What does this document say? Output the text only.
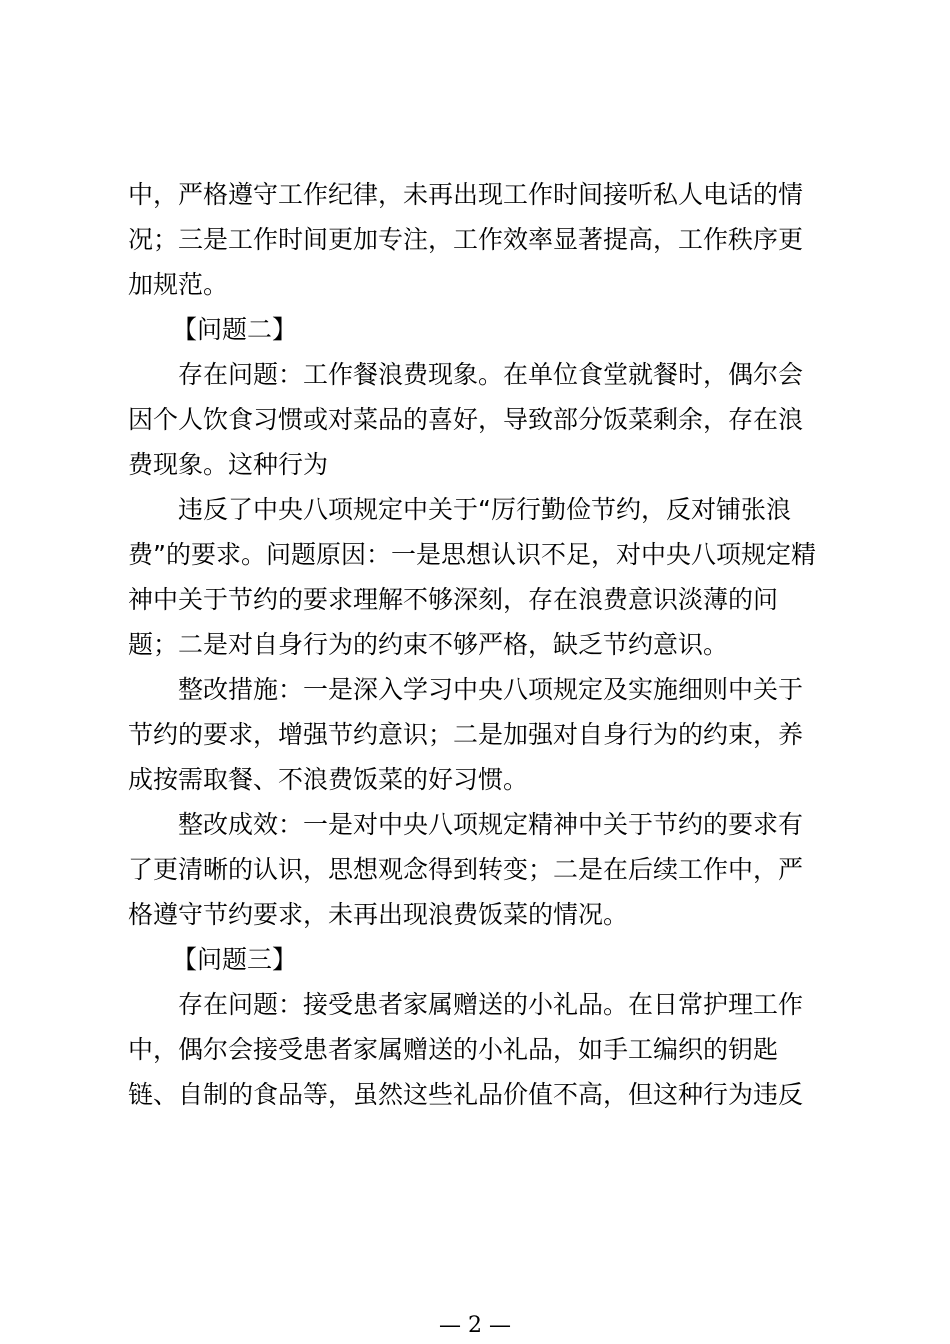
中，严格遵守工作纪律，未再出现工作时间接听私人电话的情
况；三是工作时间更加专注，工作效率显著提高，工作秩序更
加规范。
【问题二】
存在问题：工作餐浪费现象。在单位食堂就餐时，偶尔会
因个人饮食习惯或对菜品的喜好，导致部分饭菜剩余，存在浪
费现象。这种行为
违反了中央八项规定中关于“厉行勤俭节约，反对铺张浪
费”的要求。问题原因：一是思想认识不足，对中央八项规定精
神中关于节约的要求理解不够深刻，存在浪费意识淡薄的问
题；二是对自身行为的约束不够严格，缺乏节约意识。
整改措施：一是深入学习中央八项规定及实施细则中关于
节约的要求，增强节约意识；二是加强对自身行为的约束，养
成按需取餐、不浪费饭菜的好习惯。
整改成效：一是对中央八项规定精神中关于节约的要求有
了更清晰的认识，思想观念得到转变；二是在后续工作中，严
格遵守节约要求，未再出现浪费饭菜的情况。
【问题三】
存在问题：接受患者家属赠送的小礼品。在日常护理工作
中，偶尔会接受患者家属赠送的小礼品，如手工编织的钥匙
链、自制的食品等，虽然这些礼品价值不高，但这种行为违反
— 2 —
